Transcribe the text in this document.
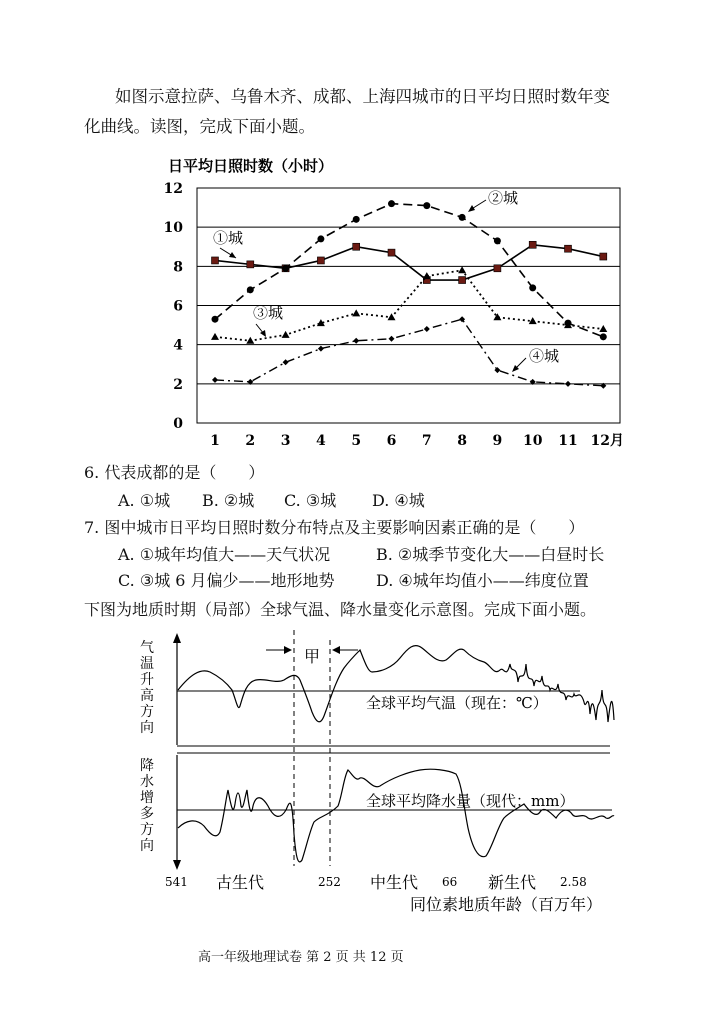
如图示意拉萨、乌鲁木齐、成都、上海四城市的日平均日照时数年变
化曲线。读图，完成下面小题。
日平均日照时数（小时）
12
10
8
6
4
2
0
1 2 3 4 5 6 7 8 9 10 11 12月
①城
②城
③城
④城
6. 代表成都的是（　　）
A. ①城 B. ②城 C. ③城 D. ④城
7. 图中城市日平均日照时数分布特点及主要影响因素正确的是（　　）
A. ①城年均值大——天气状况	B. ②城季节变化大——白昼时长
C. ③城 6 月偏少——地形地势	D. ④城年均值小——纬度位置
下图为地质时期（局部）全球气温、降水量变化示意图。完成下面小题。
气
温
升
高
方
向
降
水
增
多
方
向
甲
全球平均气温（现在：℃）
全球平均降水量（现代：mm）
541	252	66	2.58
古生代	中生代	新生代
同位素地质年龄（百万年）
高一年级地理试卷 第 2 页 共 12 页
